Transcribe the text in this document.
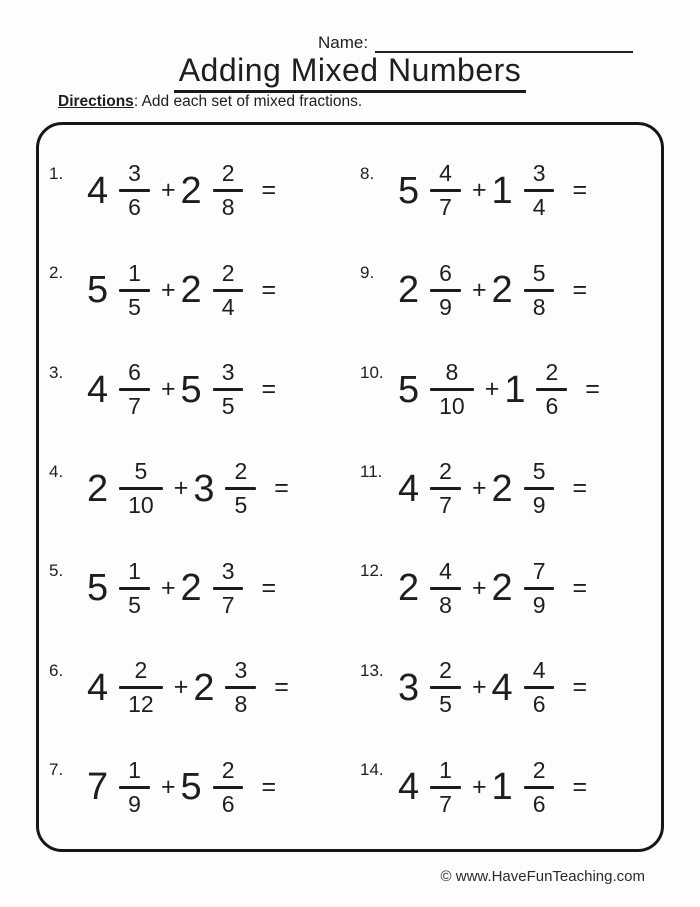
Name:
Adding Mixed Numbers
Directions: Add each set of mixed fractions.
1. $4 \frac{3}{6} + 2 \frac{2}{8}$ =
2. $5 \frac{1}{5} + 2 \frac{2}{4}$ =
3. $4 \frac{6}{7} + 5 \frac{3}{5}$ =
4. $2 \frac{5}{10} + 3 \frac{2}{5}$ =
5. $5 \frac{1}{5} + 2 \frac{3}{7}$ =
6. $4 \frac{2}{12} + 2 \frac{3}{8}$ =
7. $7 \frac{1}{9} + 5 \frac{2}{6}$ =
8. $5 \frac{4}{7} + 1 \frac{3}{4}$ =
9. $2 \frac{6}{9} + 2 \frac{5}{8}$ =
10. $5 \frac{8}{10} + 1 \frac{2}{6}$ =
11. $4 \frac{2}{7} + 2 \frac{5}{9}$ =
12. $2 \frac{4}{8} + 2 \frac{7}{9}$ =
13. $3 \frac{2}{5} + 4 \frac{4}{6}$ =
14. $4 \frac{1}{7} + 1 \frac{2}{6}$ =
© www.HaveFunTeaching.com
